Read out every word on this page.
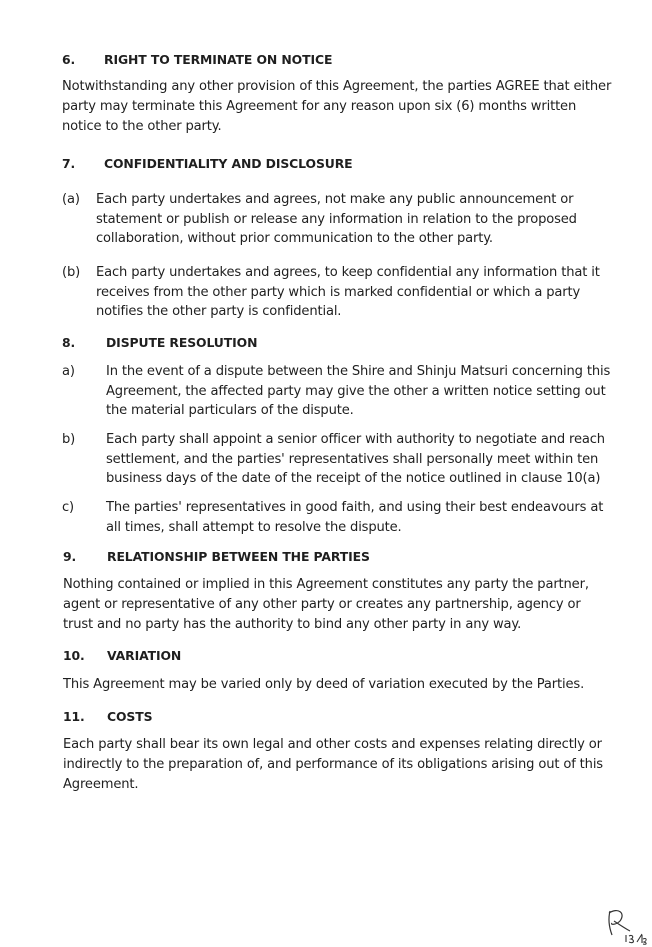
6. RIGHT TO TERMINATE ON NOTICE

Notwithstanding any other provision of this Agreement, the parties AGREE that either party may terminate this Agreement for any reason upon six (6) months written notice to the other party.

7. CONFIDENTIALITY AND DISCLOSURE
(a) Each party undertakes and agrees, not make any public announcement or statement or publish or release any information in relation to the proposed collaboration, without prior communication to the other party.
(b) Each party undertakes and agrees, to keep confidential any information that it receives from the other party which is marked confidential or which a party notifies the other party is confidential.
8. DISPUTE RESOLUTION
a) In the event of a dispute between the Shire and Shinju Matsuri concerning this Agreement, the affected party may give the other a written notice setting out the material particulars of the dispute.
b) Each party shall appoint a senior officer with authority to negotiate and reach settlement, and the parties' representatives shall personally meet within ten business days of the date of the receipt of the notice outlined in clause 10(a)
c) The parties' representatives in good faith, and using their best endeavours at all times, shall attempt to resolve the dispute.
9. RELATIONSHIP BETWEEN THE PARTIES

Nothing contained or implied in this Agreement constitutes any party the partner, agent or representative of any other party or creates any partnership, agency or trust and no party has the authority to bind any other party in any way.

10. VARIATION

This Agreement may be varied only by deed of variation executed by the Parties.

11. COSTS

Each party shall bear its own legal and other costs and expenses relating directly or indirectly to the preparation of, and performance of its obligations arising out of this Agreement.
